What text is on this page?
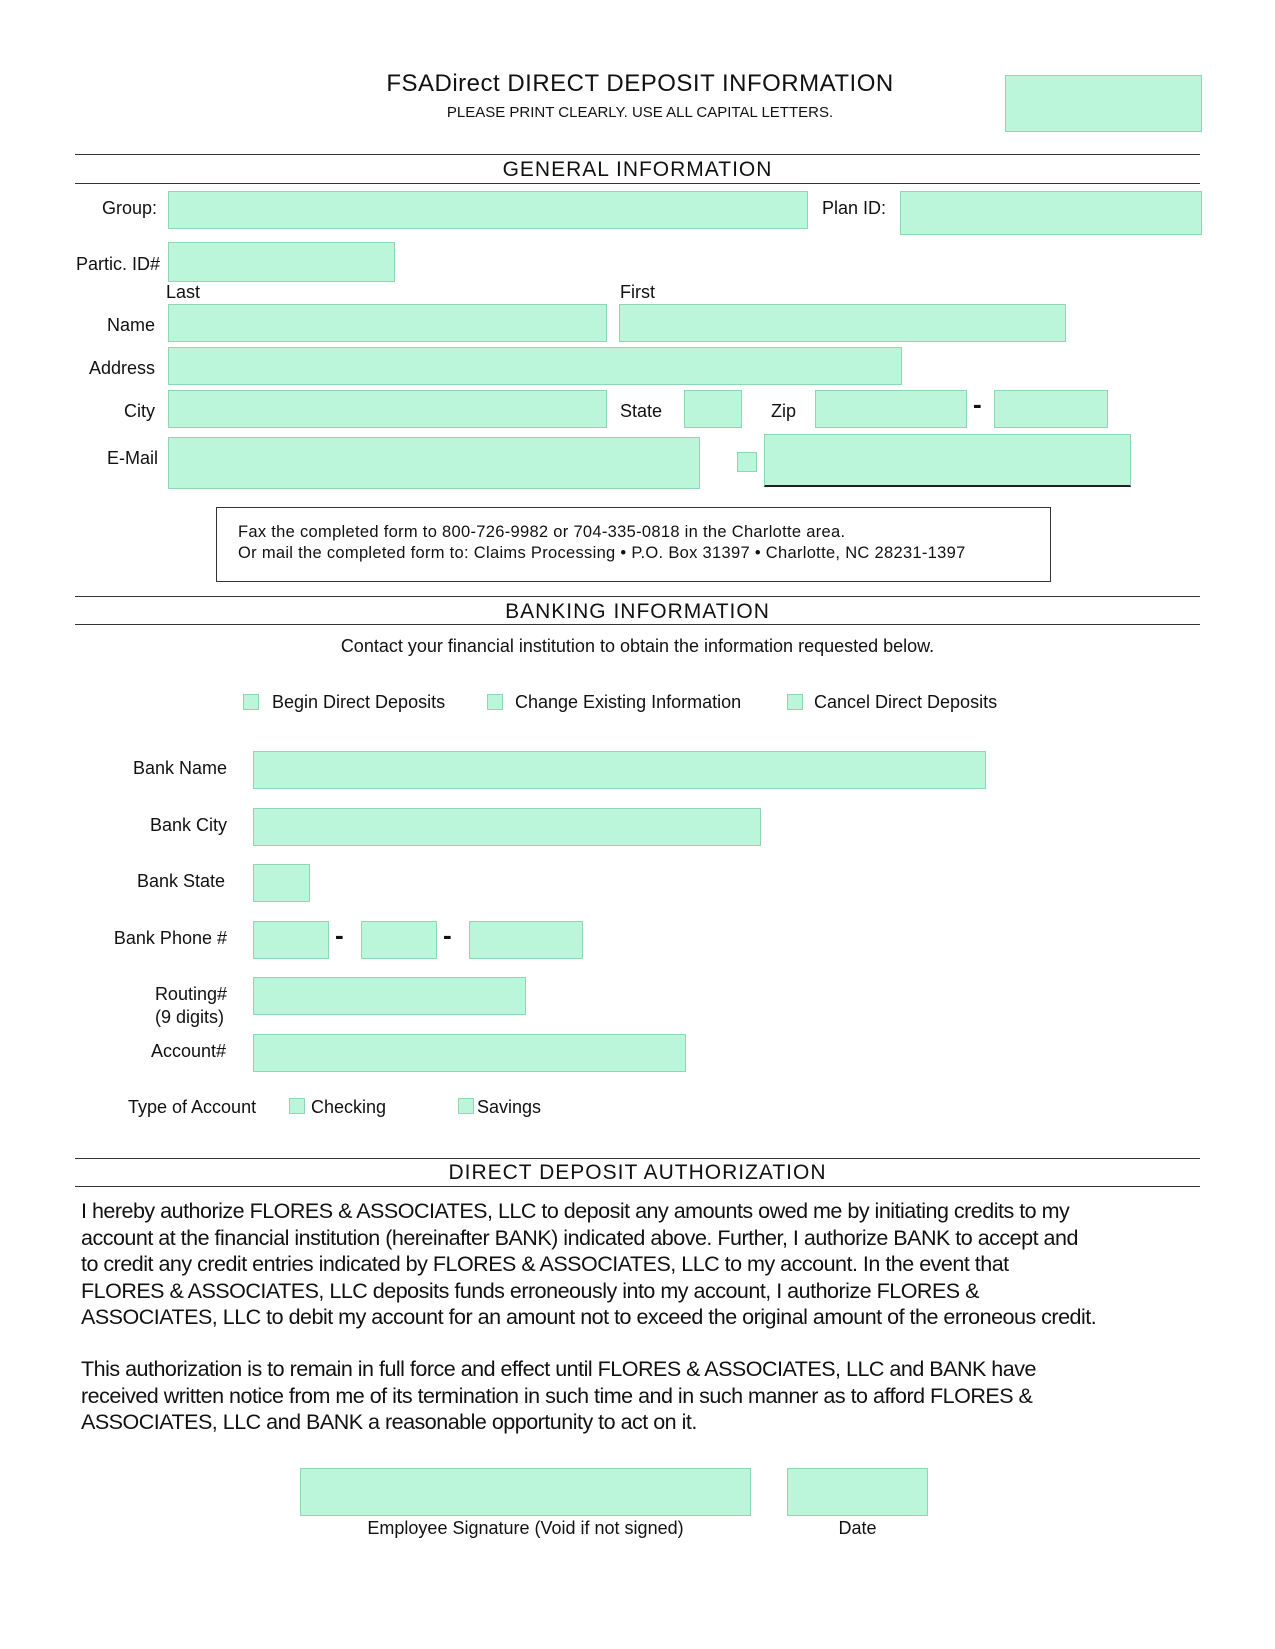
FSADirect DIRECT DEPOSIT INFORMATION
PLEASE PRINT CLEARLY. USE ALL CAPITAL LETTERS.
GENERAL INFORMATION
Group:	Plan ID:
Partic. ID#
Last	First
Name
Address
City	State	Zip	-
E-Mail
Fax the completed form to 800-726-9982 or 704-335-0818 in the Charlotte area.
Or mail the completed form to: Claims Processing • P.O. Box 31397 • Charlotte, NC 28231-1397
BANKING INFORMATION
Contact your financial institution to obtain the information requested below.
Begin Direct Deposits	Change Existing Information	Cancel Direct Deposits
Bank Name
Bank City
Bank State
Bank Phone #	-	-
Routing#
(9 digits)
Account#
Type of Account	Checking	Savings
DIRECT DEPOSIT AUTHORIZATION

I hereby authorize FLORES & ASSOCIATES, LLC to deposit any amounts owed me by initiating credits to my

account at the financial institution (hereinafter BANK) indicated above. Further, I authorize BANK to accept and

to credit any credit entries indicated by FLORES & ASSOCIATES, LLC to my account. In the event that

FLORES & ASSOCIATES, LLC deposits funds erroneously into my account, I authorize FLORES &

ASSOCIATES, LLC to debit my account for an amount not to exceed the original amount of the erroneous credit.

This authorization is to remain in full force and effect until FLORES & ASSOCIATES, LLC and BANK have

received written notice from me of its termination in such time and in such manner as to afford FLORES &

ASSOCIATES, LLC and BANK a reasonable opportunity to act on it.

Employee Signature (Void if not signed)	Date
